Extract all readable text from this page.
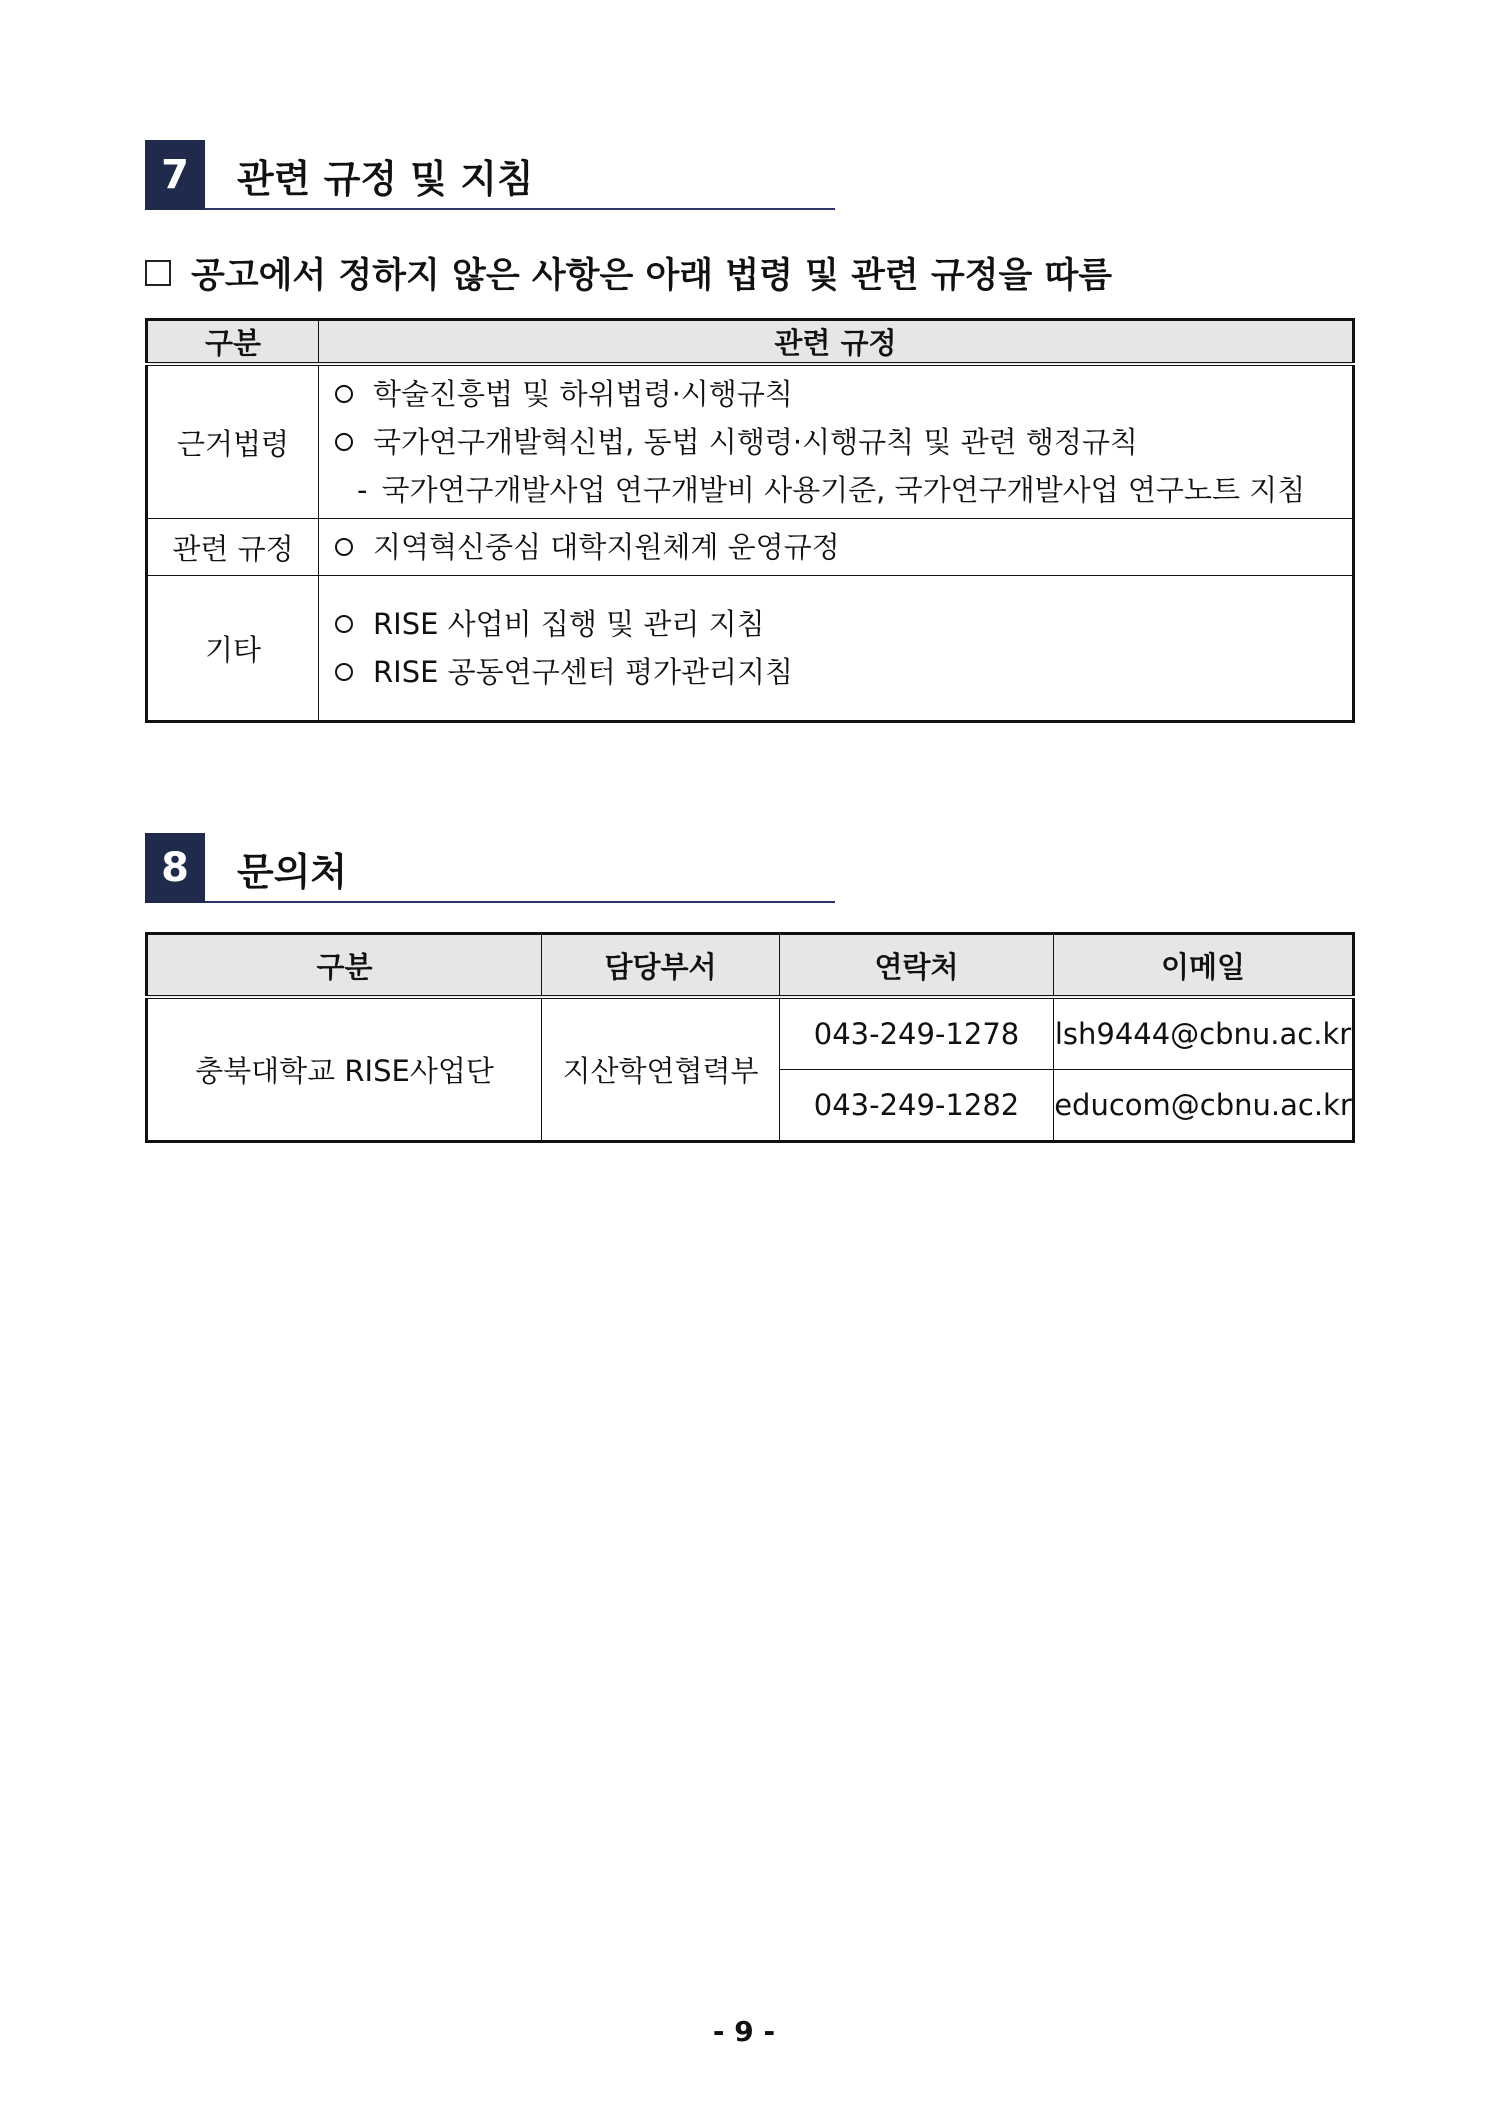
7	관련 규정 및 지침
공고에서 정하지 않은 사항은 아래 법령 및 관련 규정을 따름
구분	관련 규정
근거법령	학술진흥법 및 하위법령·시행규칙
국가연구개발혁신법, 동법 시행령·시행규칙 및 관련 행정규칙
- 국가연구개발사업 연구개발비 사용기준, 국가연구개발사업 연구노트 지침

관련 규정	지역혁신중심 대학지원체계 운영규정

기타	RISE 사업비 집행 및 관리 지침
RISE 공동연구센터 평가관리지침
8	문의처
구분	담당부서	연락처	이메일
충북대학교 RISE사업단	지산학연협력부	043-249-1278	lsh9444@cbnu.ac.kr
		043-249-1282	educom@cbnu.ac.kr
- 9 -
